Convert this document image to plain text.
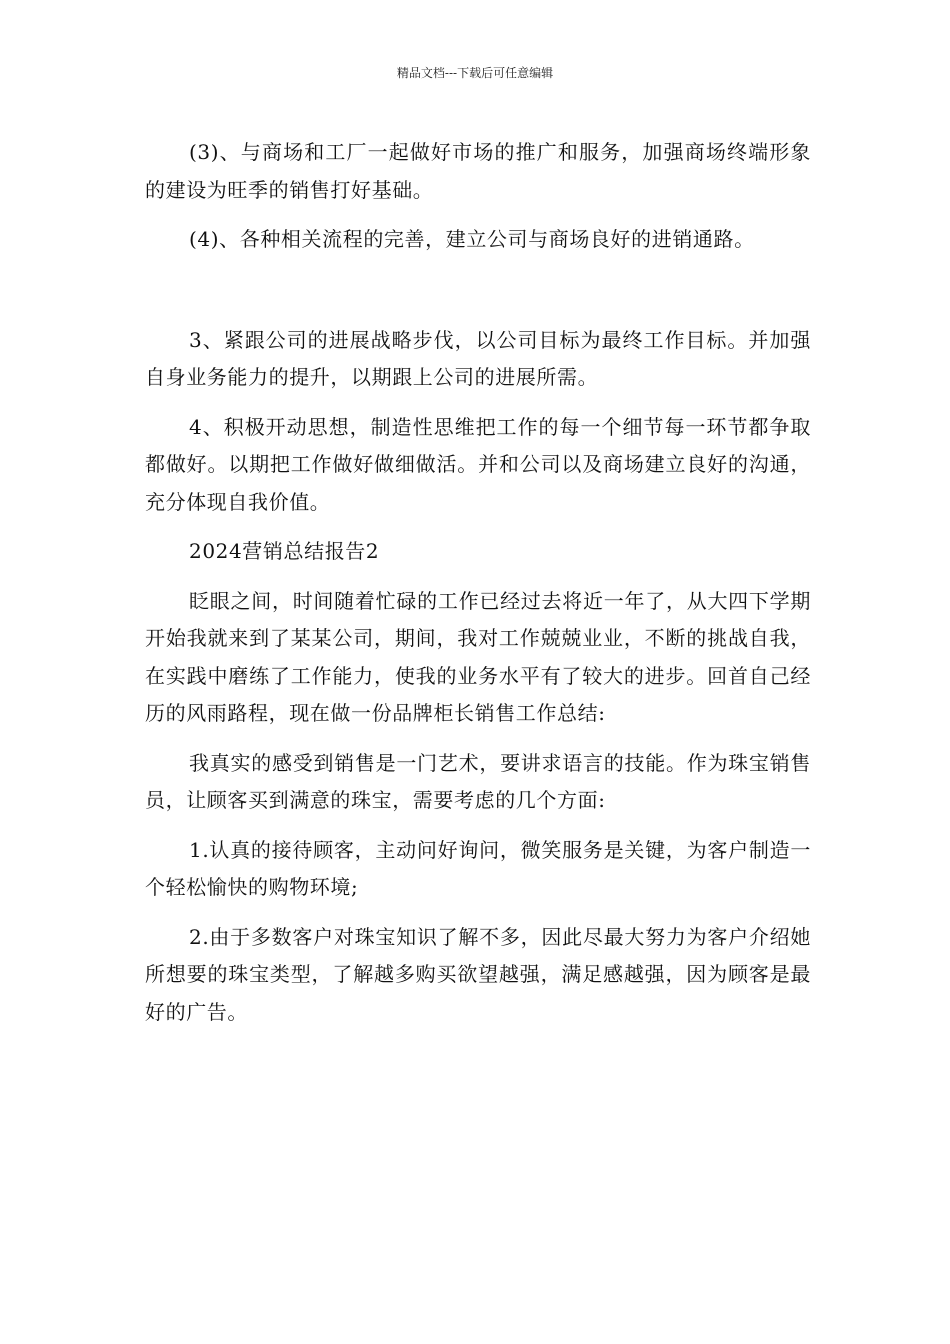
精品文档---下载后可任意编辑

(3)、与商场和工厂一起做好市场的推广和服务，加强商场终端形象的建设为旺季的销售打好基础。

(4)、各种相关流程的完善，建立公司与商场良好的进销通路。

3、紧跟公司的进展战略步伐，以公司目标为最终工作目标。并加强自身业务能力的提升，以期跟上公司的进展所需。

4、积极开动思想，制造性思维把工作的每一个细节每一环节都争取都做好。以期把工作做好做细做活。并和公司以及商场建立良好的沟通，充分体现自我价值。

2024营销总结报告2

眨眼之间，时间随着忙碌的工作已经过去将近一年了，从大四下学期开始我就来到了某某公司，期间，我对工作兢兢业业，不断的挑战自我，在实践中磨练了工作能力，使我的业务水平有了较大的进步。回首自己经历的风雨路程，现在做一份品牌柜长销售工作总结:

我真实的感受到销售是一门艺术，要讲求语言的技能。作为珠宝销售员，让顾客买到满意的珠宝，需要考虑的几个方面:

1.认真的接待顾客，主动问好询问，微笑服务是关键，为客户制造一个轻松愉快的购物环境;

2.由于多数客户对珠宝知识了解不多，因此尽最大努力为客户介绍她所想要的珠宝类型，了解越多购买欲望越强，满足感越强，因为顾客是最好的广告。
